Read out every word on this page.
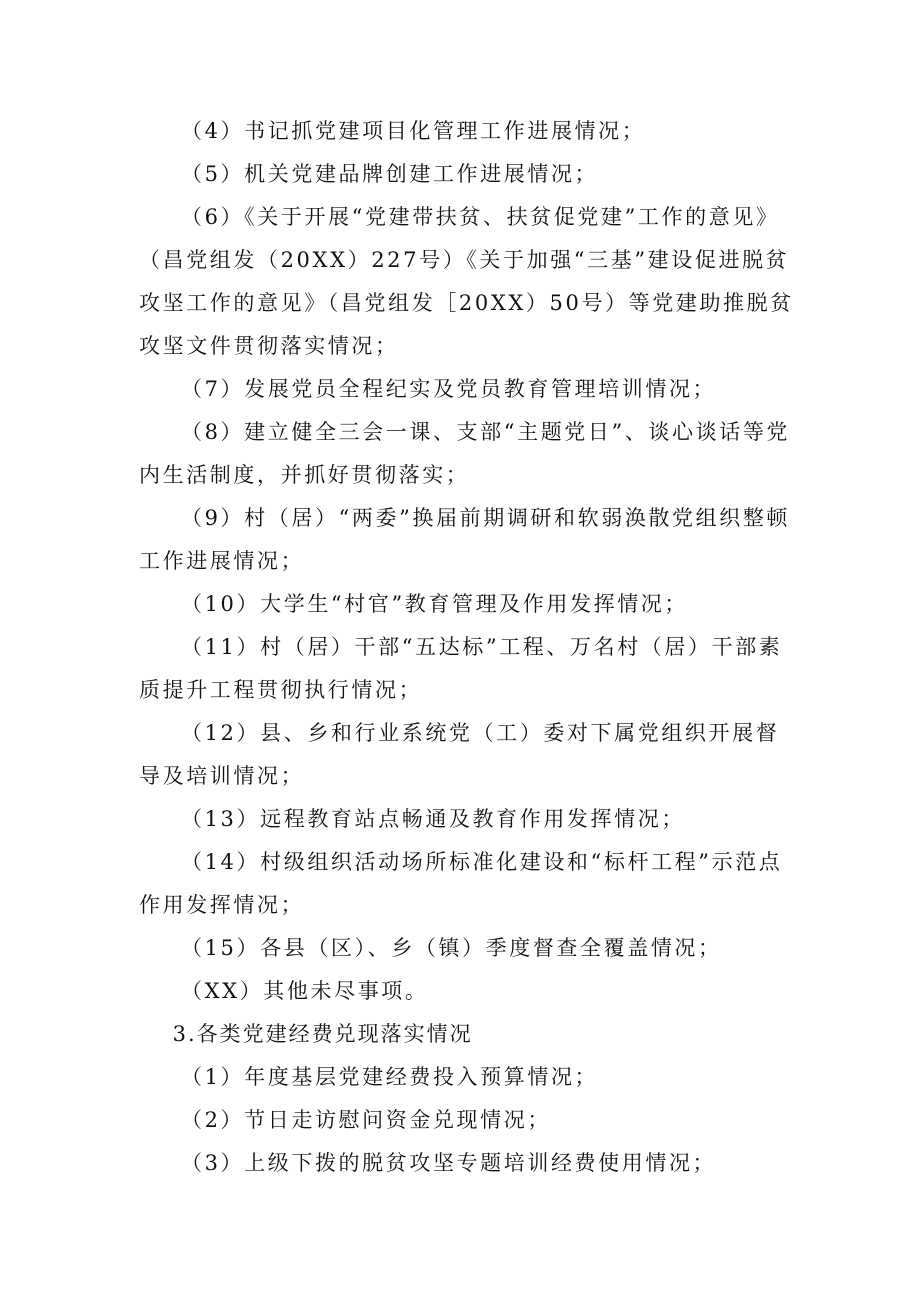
（4）书记抓党建项目化管理工作进展情况；

（5）机关党建品牌创建工作进展情况；

（6）《关于开展“党建带扶贫、扶贫促党建”工作的意见》（昌党组发（20XX）227号）《关于加强“三基”建设促进脱贫攻坚工作的意见》（昌党组发［20XX）50号）等党建助推脱贫攻坚文件贯彻落实情况；

（7）发展党员全程纪实及党员教育管理培训情况；

（8）建立健全三会一课、支部“主题党日”、谈心谈话等党内生活制度，并抓好贯彻落实；

（9）村（居）“两委”换届前期调研和软弱涣散党组织整顿工作进展情况；

（10）大学生“村官”教育管理及作用发挥情况；

（11）村（居）干部“五达标”工程、万名村（居）干部素质提升工程贯彻执行情况；

（12）县、乡和行业系统党（工）委对下属党组织开展督导及培训情况；

（13）远程教育站点畅通及教育作用发挥情况；

（14）村级组织活动场所标准化建设和“标杆工程”示范点作用发挥情况；

（15）各县（区）、乡（镇）季度督查全覆盖情况；

（XX）其他未尽事项。

3.各类党建经费兑现落实情况

（1）年度基层党建经费投入预算情况；

（2）节日走访慰问资金兑现情况；

（3）上级下拨的脱贫攻坚专题培训经费使用情况；
